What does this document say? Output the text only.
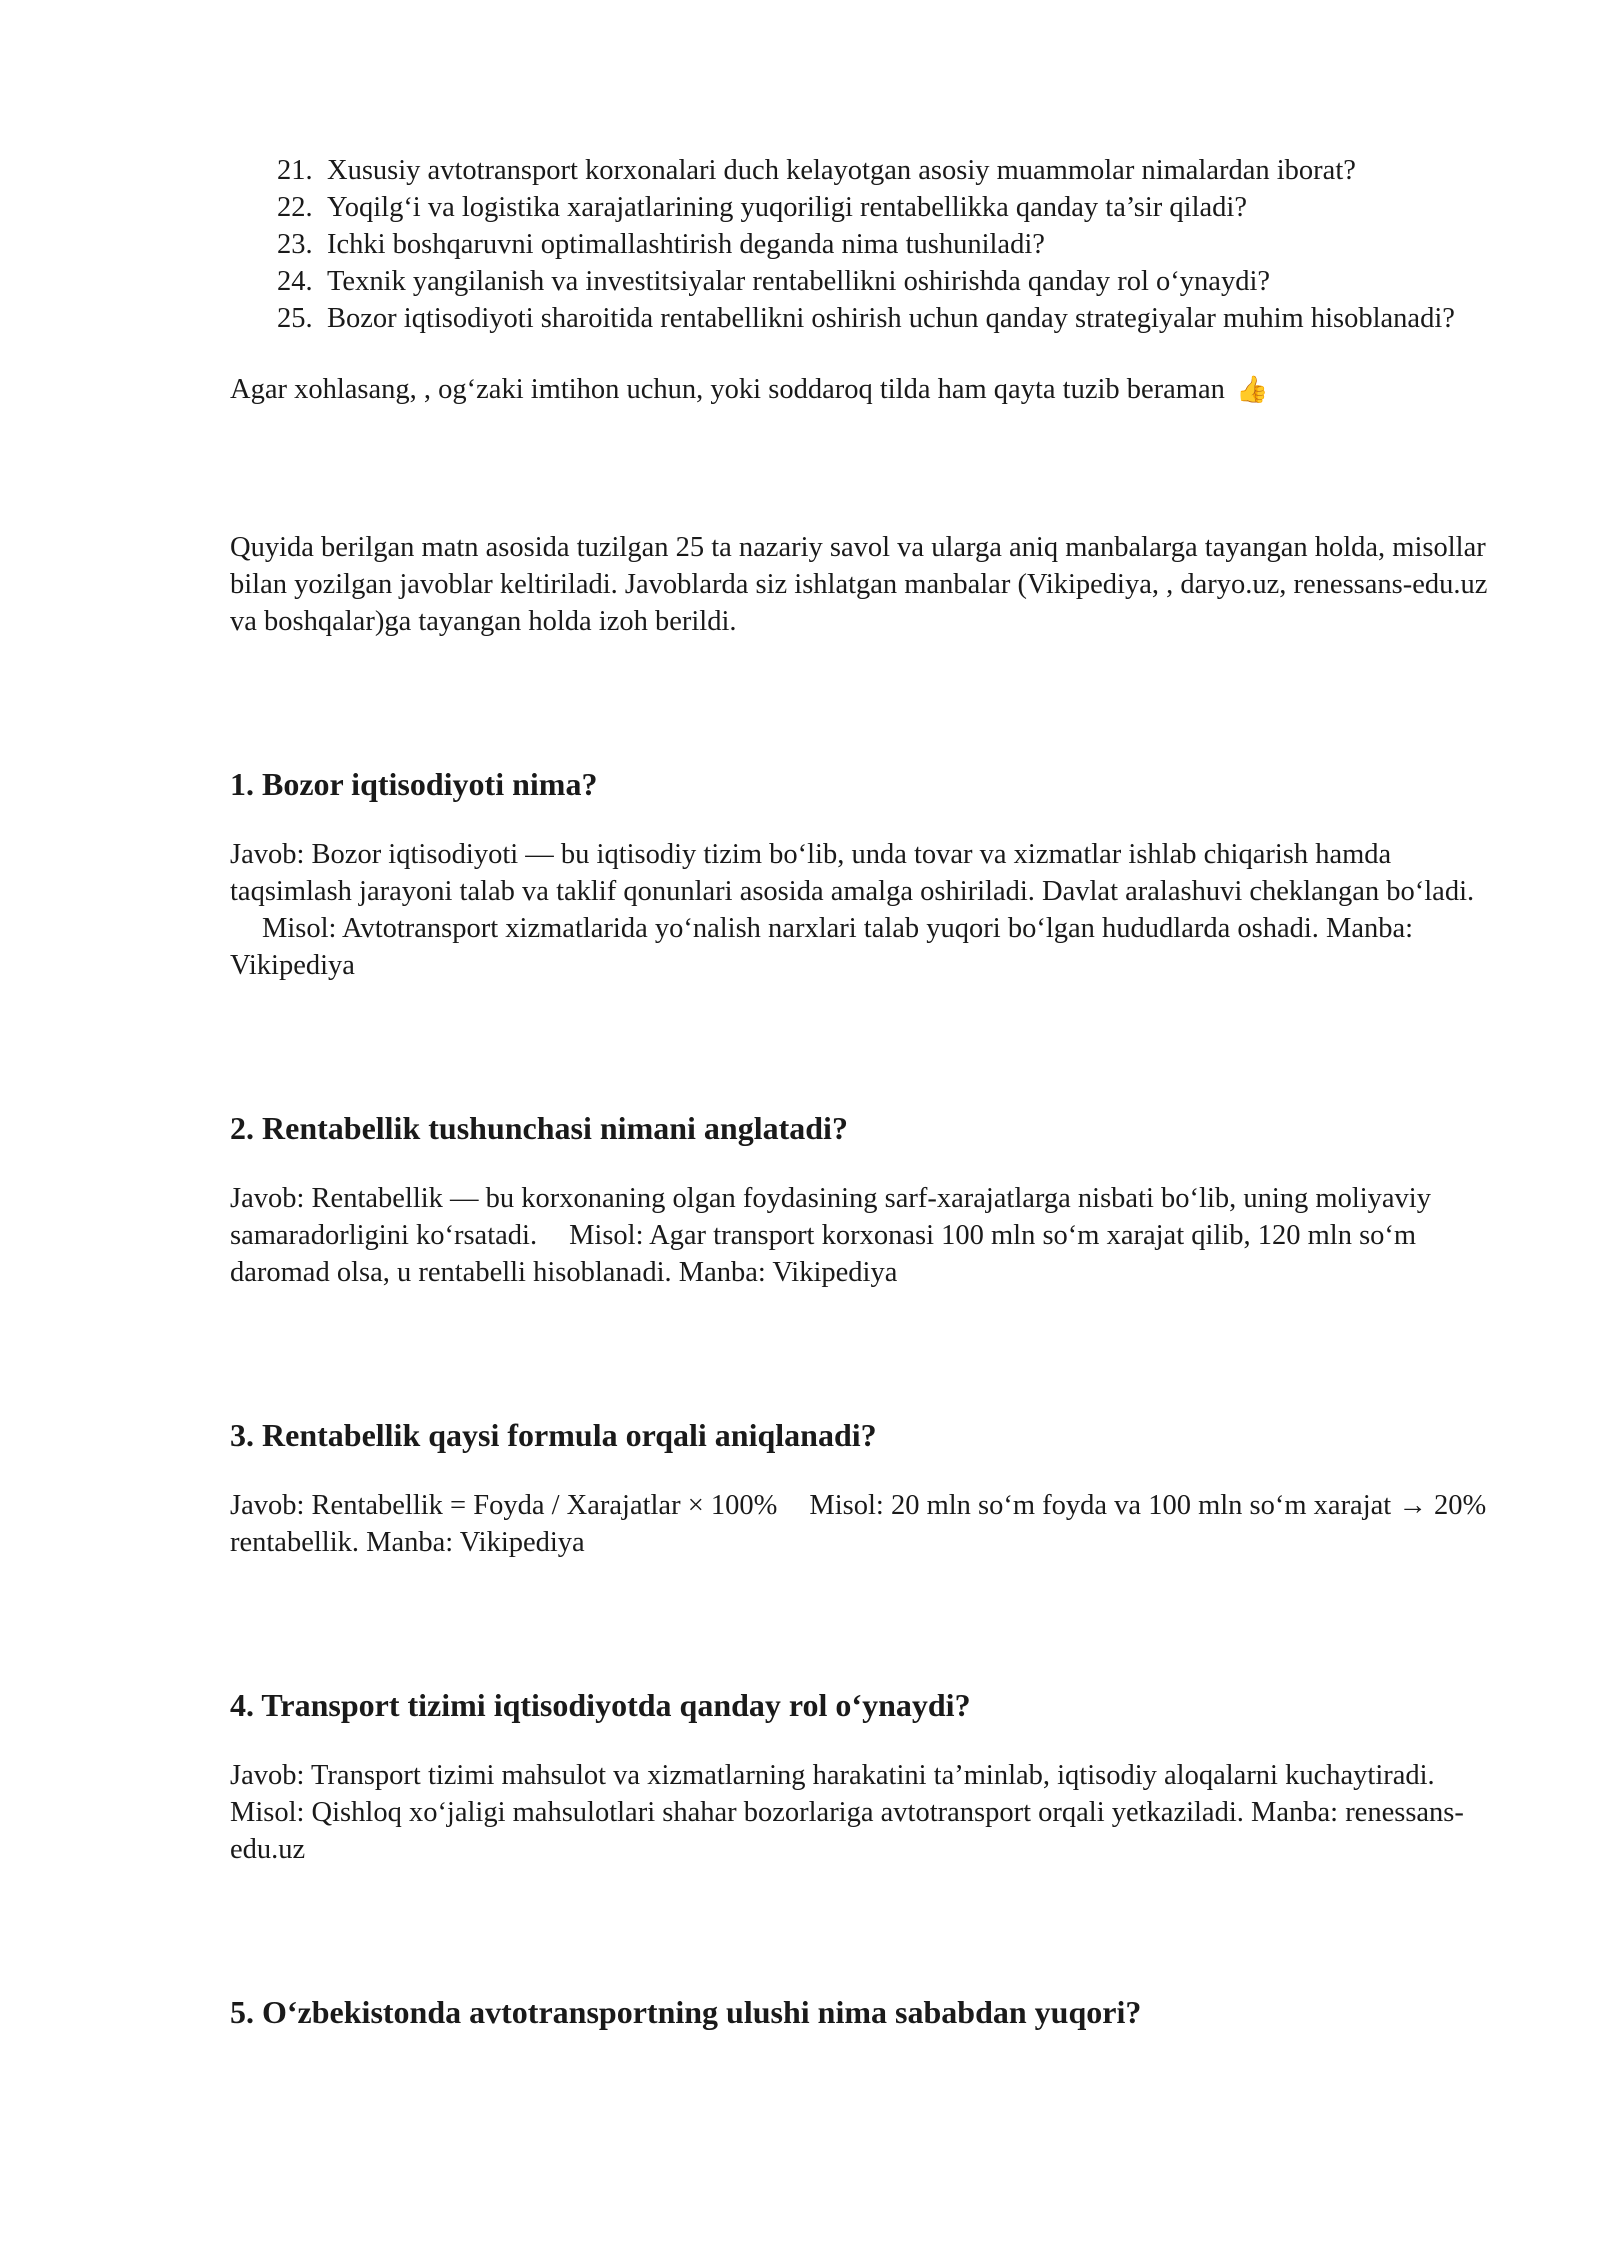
21. Xususiy avtotransport korxonalari duch kelayotgan asosiy muammolar nimalardan iborat?
22. Yoqilg‘i va logistika xarajatlarining yuqoriligi rentabellikka qanday ta’sir qiladi?
23. Ichki boshqaruvni optimallashtirish deganda nima tushuniladi?
24. Texnik yangilanish va investitsiyalar rentabellikni oshirishda qanday rol o‘ynaydi?
25. Bozor iqtisodiyoti sharoitida rentabellikni oshirish uchun qanday strategiyalar muhim hisoblanadi?

Agar xohlasang, , og‘zaki imtihon uchun, yoki soddaroq tilda ham qayta tuzib beraman 👍

Quyida berilgan matn asosida tuzilgan 25 ta nazariy savol va ularga aniq manbalarga tayangan holda, misollar bilan yozilgan javoblar keltiriladi. Javoblarda siz ishlatgan manbalar (Vikipediya, , daryo.uz, renessans-edu.uz va boshqalar)ga tayangan holda izoh berildi.

1. Bozor iqtisodiyoti nima?

Javob: Bozor iqtisodiyoti — bu iqtisodiy tizim bo‘lib, unda tovar va xizmatlar ishlab chiqarish hamda taqsimlash jarayoni talab va taklif qonunlari asosida amalga oshiriladi. Davlat aralashuvi cheklangan bo‘ladi.Misol: Avtotransport xizmatlarida yo‘nalish narxlari talab yuqori bo‘lgan hududlarda oshadi. Manba: Vikipediya

2. Rentabellik tushunchasi nimani anglatadi?

Javob: Rentabellik — bu korxonaning olgan foydasining sarf-xarajatlarga nisbati bo‘lib, uning moliyaviy samaradorligini ko‘rsatadi. Misol: Agar transport korxonasi 100 mln so‘m xarajat qilib, 120 mln so‘m daromad olsa, u rentabelli hisoblanadi. Manba: Vikipediya

3. Rentabellik qaysi formula orqali aniqlanadi?

Javob: Rentabellik = Foyda / Xarajatlar × 100% Misol: 20 mln so‘m foyda va 100 mln so‘m xarajat → 20% rentabellik. Manba: Vikipediya

4. Transport tizimi iqtisodiyotda qanday rol o‘ynaydi?

Javob: Transport tizimi mahsulot va xizmatlarning harakatini ta’minlab, iqtisodiy aloqalarni kuchaytiradi.Misol: Qishloq xo‘jaligi mahsulotlari shahar bozorlariga avtotransport orqali yetkaziladi. Manba: renessans-edu.uz

5. O‘zbekistonda avtotransportning ulushi nima sababdan yuqori?
